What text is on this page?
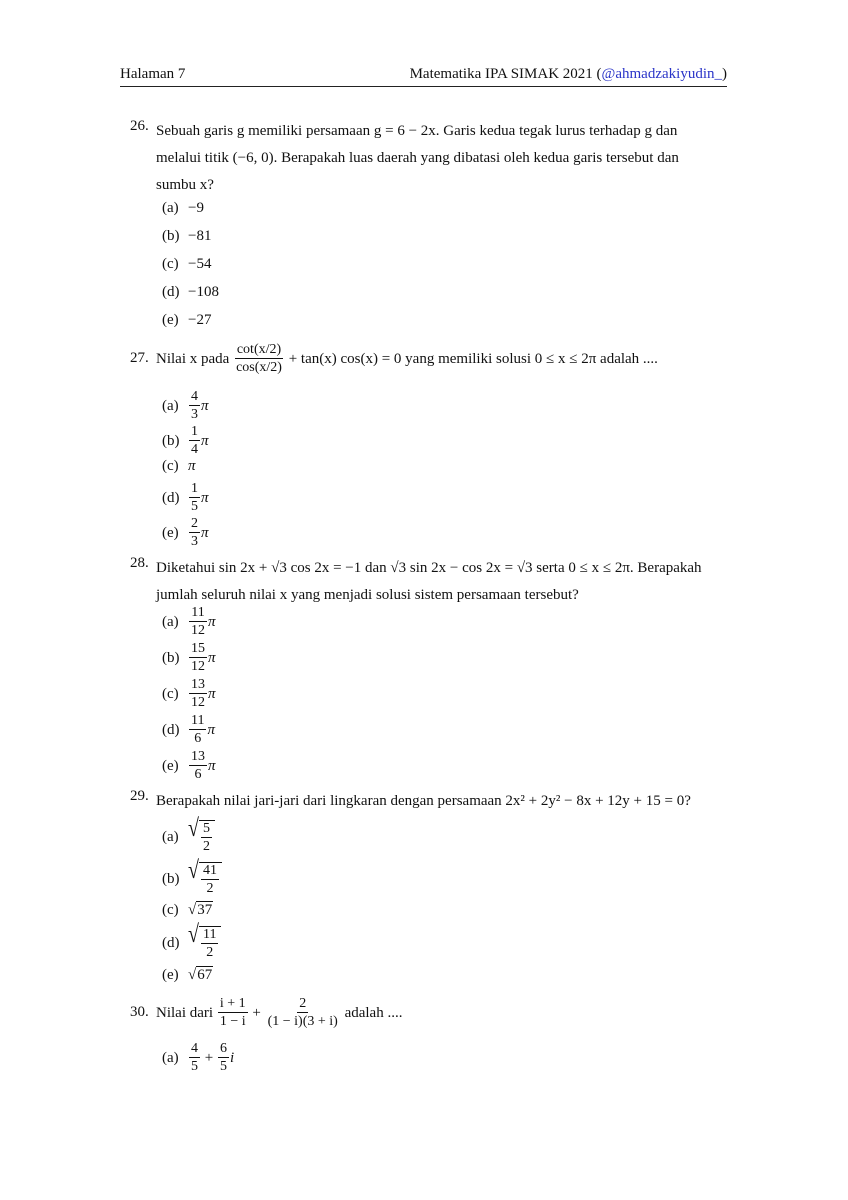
Halaman 7	Matematika IPA SIMAK 2021 (@ahmadzakiyudin_)
26. Sebuah garis g memiliki persamaan g = 6 − 2x. Garis kedua tegak lurus terhadap g dan
melalui titik (−6, 0). Berapakah luas daerah yang dibatasi oleh kedua garis tersebut dan
sumbu x?
(a) −9
(b) −81
(c) −54
(d) −108
(e) −27
27. Nilai x pada
$\frac{\cot(x/2)}{\cos(x/2)}$
+ tan(x) cos(x) = 0 yang memiliki solusi 0 ≤ x ≤ 2π adalah ....
$(a) \frac{4}{3}$ π
$(b) \frac{1}{4}$ π
(c) π
$(d) \frac{1}{5}$ π
$(e) \frac{2}{3}$ π
28. Diketahui sin 2x + √3 cos 2x = −1 dan √3 sin 2x − cos 2x = √3 serta 0 ≤ x ≤ 2π. Berapakah
jumlah seluruh nilai x yang menjadi solusi sistem persamaan tersebut?
$(a) \frac{11}{12}$ π
$(b) \frac{15}{12}$ π
$(c) \frac{13}{12}$ π
$(d) \frac{11}{6}$ π
$(e) \frac{13}{6}$ π
29. Berapakah nilai jari-jari dari lingkaran dengan persamaan 2x² + 2y² − 8x + 12y + 15 = 0?
(a) √ $\frac{5}{2}$
(b) √ $\frac{41}{2}$
(c) √37
(d) √ $\frac{11}{2}$
(e) √67
30. Nilai dari
$\frac{i + 1}{1 - i}$
+
$\frac{2}{(1 - i)(3 + i)}$
adalah ....
$(a) \frac{4}{5}$
+
$\frac{6}{5}$ i
